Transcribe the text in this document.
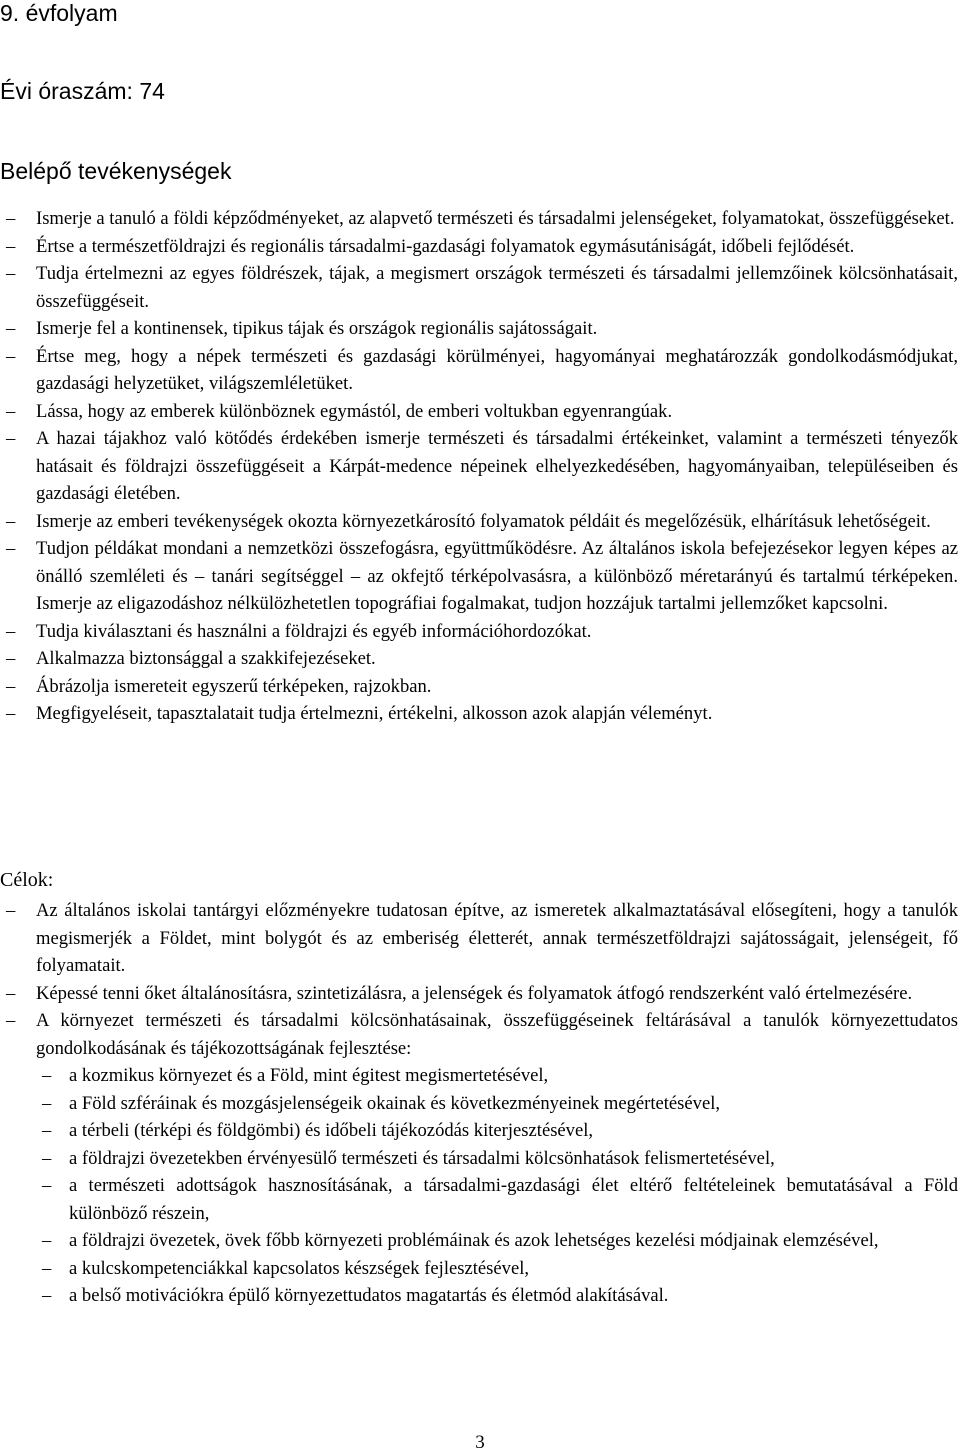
9. évfolyam
Évi óraszám: 74
Belépő tevékenységek
– Ismerje a tanuló a földi képződményeket, az alapvető természeti és társadalmi jelenségeket, folyamatokat, összefüggéseket.
– Értse a természetföldrajzi és regionális társadalmi-gazdasági folyamatok egymásutániságát, időbeli fejlődését.
– Tudja értelmezni az egyes földrészek, tájak, a megismert országok természeti és társadalmi jellemzőinek kölcsönhatásait, összefüggéseit.
– Ismerje fel a kontinensek, tipikus tájak és országok regionális sajátosságait.
– Értse meg, hogy a népek természeti és gazdasági körülményei, hagyományai meghatározzák gondolkodásmódjukat, gazdasági helyzetüket, világszemléletüket.
– Lássa, hogy az emberek különböznek egymástól, de emberi voltukban egyenrangúak.
– A hazai tájakhoz való kötődés érdekében ismerje természeti és társadalmi értékeinket, valamint a természeti tényezők hatásait és földrajzi összefüggéseit a Kárpát-medence népeinek elhelyezkedésében, hagyományaiban, településeiben és gazdasági életében.
– Ismerje az emberi tevékenységek okozta környezetkárosító folyamatok példáit és megelőzésük, elhárításuk lehetőségeit.
– Tudjon példákat mondani a nemzetközi összefogásra, együttműködésre. Az általános iskola befejezésekor legyen képes az önálló szemléleti és – tanári segítséggel – az okfejtő térképolvasásra, a különböző méretarányú és tartalmú térképeken. Ismerje az eligazodáshoz nélkülözhetetlen topográfiai fogalmakat, tudjon hozzájuk tartalmi jellemzőket kapcsolni.
– Tudja kiválasztani és használni a földrajzi és egyéb információhordozókat.
– Alkalmazza biztonsággal a szakkifejezéseket.
– Ábrázolja ismereteit egyszerű térképeken, rajzokban.
– Megfigyeléseit, tapasztalatait tudja értelmezni, értékelni, alkosson azok alapján véleményt.
Célok:
– Az általános iskolai tantárgyi előzményekre tudatosan építve, az ismeretek alkalmaztatásával elősegíteni, hogy a tanulók megismerjék a Földet, mint bolygót és az emberiség életterét, annak természetföldrajzi sajátosságait, jelenségeit, fő folyamatait.
– Képessé tenni őket általánosításra, szintetizálásra, a jelenségek és folyamatok átfogó rendszerként való értelmezésére.
– A környezet természeti és társadalmi kölcsönhatásainak, összefüggéseinek feltárásával a tanulók környezettudatos gondolkodásának és tájékozottságának fejlesztése:
– a kozmikus környezet és a Föld, mint égitest megismertetésével,
– a Föld szféráinak és mozgásjelenségeik okainak és következményeinek megértetésével,
– a térbeli (térképi és földgömbi) és időbeli tájékozódás kiterjesztésével,
– a földrajzi övezetekben érvényesülő természeti és társadalmi kölcsönhatások felismertetésével,
– a természeti adottságok hasznosításának, a társadalmi-gazdasági élet eltérő feltételeinek bemutatásával a Föld különböző részein,
– a földrajzi övezetek, övek főbb környezeti problémáinak és azok lehetséges kezelési módjainak elemzésével,
– a kulcskompetenciákkal kapcsolatos készségek fejlesztésével,
– a belső motivációkra épülő környezettudatos magatartás és életmód alakításával.
3
